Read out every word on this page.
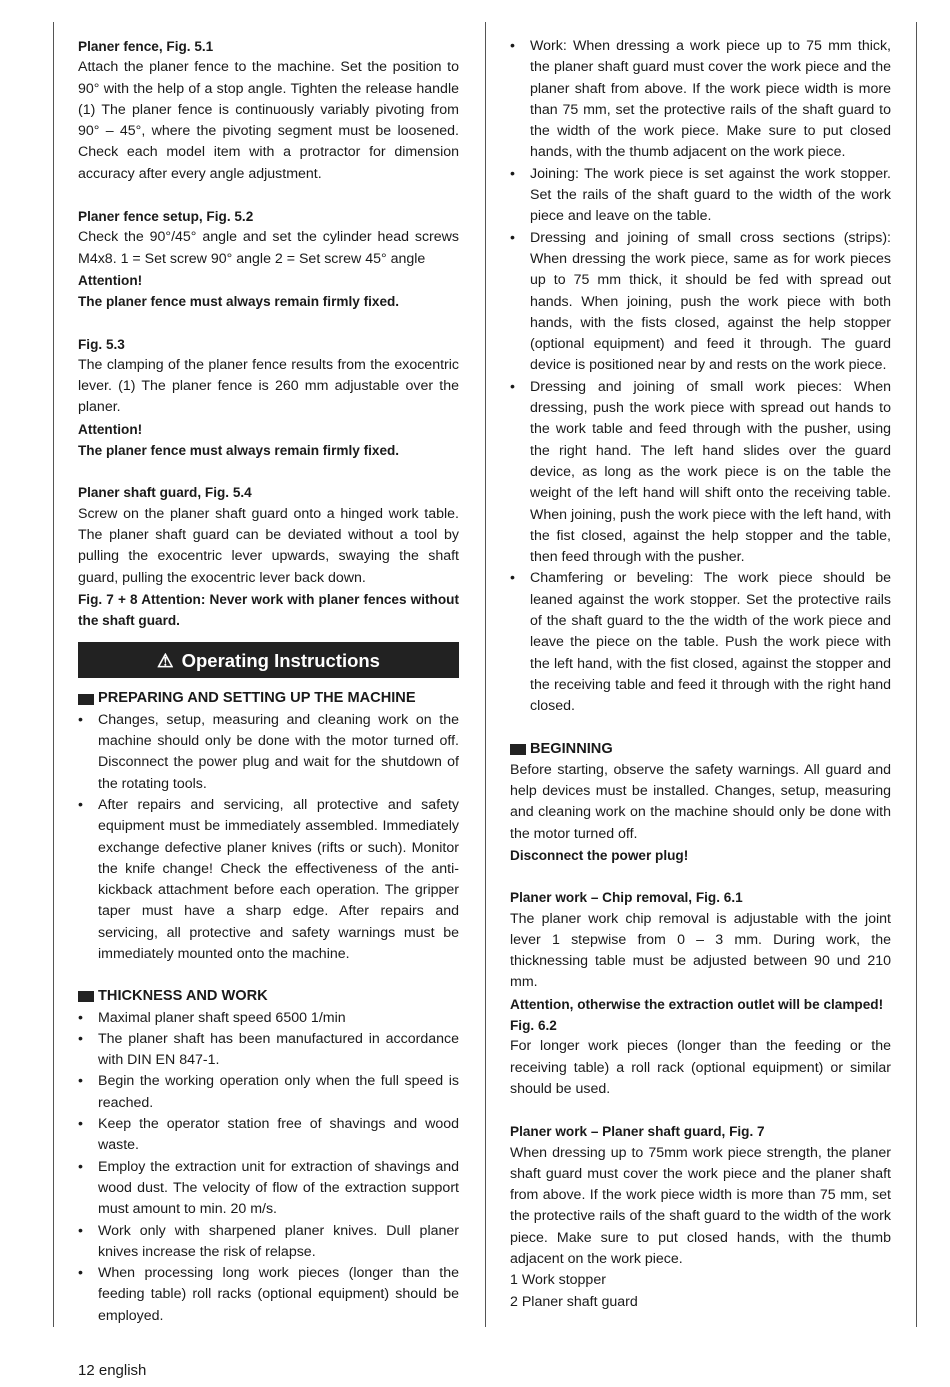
Planer fence, Fig. 5.1

Attach the planer fence to the machine. Set the position to 90° with the help of a stop angle. Tighten the release handle (1) The planer fence is continuously variably pivoting from 90° – 45°, where the pivoting segment must be loosened. Check each model item with a protractor for dimension accuracy after every angle adjustment.

Planer fence setup, Fig. 5.2

Check the 90°/45° angle and set the cylinder head screws M4x8. 1 = Set screw 90° angle 2 = Set screw 45° angle

Attention!

The planer fence must always remain firmly fixed.

Fig. 5.3

The clamping of the planer fence results from the exocentric lever. (1) The planer fence is 260 mm adjustable over the planer.

Attention!

The planer fence must always remain firmly fixed.

Planer shaft guard, Fig. 5.4

Screw on the planer shaft guard onto a hinged work table. The planer shaft guard can be deviated without a tool by pulling the exocentric lever upwards, swaying the shaft guard, pulling the exocentric lever back down.

Fig. 7 + 8 Attention: Never work with planer fences without the shaft guard.

⚠ Operating Instructions
PREPARING AND SETTING UP THE MACHINE
• Changes, setup, measuring and cleaning work on the machine should only be done with the motor turned off. Disconnect the power plug and wait for the shutdown of the rotating tools.
• After repairs and servicing, all protective and safety equipment must be immediately assembled. Immediately exchange defective planer knives (rifts or such). Monitor the knife change! Check the effectiveness of the anti-kickback attachment before each operation. The gripper taper must have a sharp edge. After repairs and servicing, all protective and safety warnings must be immediately mounted onto the machine.
THICKNESS AND WORK
• Maximal planer shaft speed 6500 1/min
• The planer shaft has been manufactured in accordance with DIN EN 847-1.
• Begin the working operation only when the full speed is reached.
• Keep the operator station free of shavings and wood waste.
• Employ the extraction unit for extraction of shavings and wood dust. The velocity of flow of the extraction support must amount to min. 20 m/s.
• Work only with sharpened planer knives. Dull planer knives increase the risk of relapse.
• When processing long work pieces (longer than the feeding table) roll racks (optional equipment) should be employed.
• Work: When dressing a work piece up to 75 mm thick, the planer shaft guard must cover the work piece and the planer shaft from above. If the work piece width is more than 75 mm, set the protective rails of the shaft guard to the width of the work piece. Make sure to put closed hands, with the thumb adjacent on the work piece.
• Joining: The work piece is set against the work stopper. Set the rails of the shaft guard to the width of the work piece and leave on the table.
• Dressing and joining of small cross sections (strips): When dressing the work piece, same as for work pieces up to 75 mm thick, it should be fed with spread out hands. When joining, push the work piece with both hands, with the fists closed, against the help stopper (optional equipment) and feed it through. The guard device is positioned near by and rests on the work piece.
• Dressing and joining of small work pieces: When dressing, push the work piece with spread out hands to the work table and feed through with the pusher, using the right hand. The left hand slides over the guard device, as long as the work piece is on the table the weight of the left hand will shift onto the receiving table. When joining, push the work piece with the left hand, with the fist closed, against the help stopper and the table, then feed through with the pusher.
• Chamfering or beveling: The work piece should be leaned against the work stopper. Set the protective rails of the shaft guard to the the width of the work piece and leave the piece on the table. Push the work piece with the left hand, with the fist closed, against the stopper and the receiving table and feed it through with the right hand closed.
BEGINNING

Before starting, observe the safety warnings. All guard and help devices must be installed. Changes, setup, measuring and cleaning work on the machine should only be done with the motor turned off.

Disconnect the power plug!

Planer work – Chip removal, Fig. 6.1

The planer work chip removal is adjustable with the joint lever 1 stepwise from 0 – 3 mm. During work, the thicknessing table must be adjusted between 90 und 210 mm.

Attention, otherwise the extraction outlet will be clamped!

Fig. 6.2

For longer work pieces (longer than the feeding or the receiving table) a roll rack (optional equipment) or similar should be used.

Planer work – Planer shaft guard, Fig. 7

When dressing up to 75mm work piece strength, the planer shaft guard must cover the work piece and the planer shaft from above. If the work piece width is more than 75 mm, set the protective rails of the shaft guard to the width of the work piece. Make sure to put closed hands, with the thumb adjacent on the work piece.

1 Work stopper

2 Planer shaft guard

12 english
